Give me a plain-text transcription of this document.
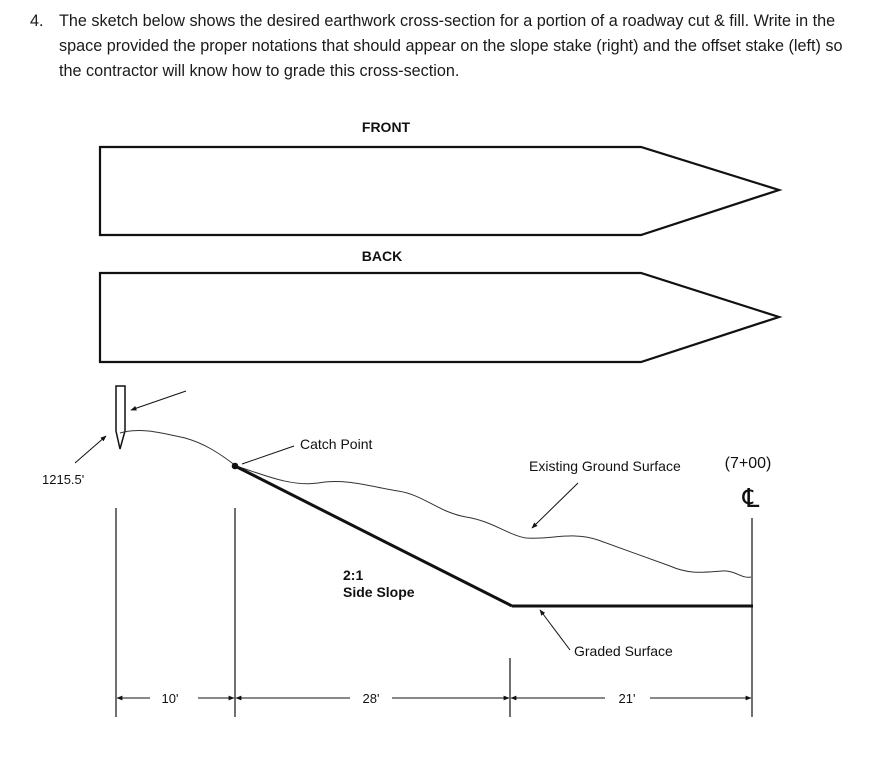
4. The sketch below shows the desired earthwork cross-section for a portion of a roadway cut & fill. Write in the space provided the proper notations that should appear on the slope stake (right) and the offset stake (left) so the contractor will know how to grade this cross-section.
FRONT
BACK
1215.5'
Catch Point
Existing Ground Surface	(7+00)
℄
2:1
Side Slope
Graded Surface
10'	28'	21'
